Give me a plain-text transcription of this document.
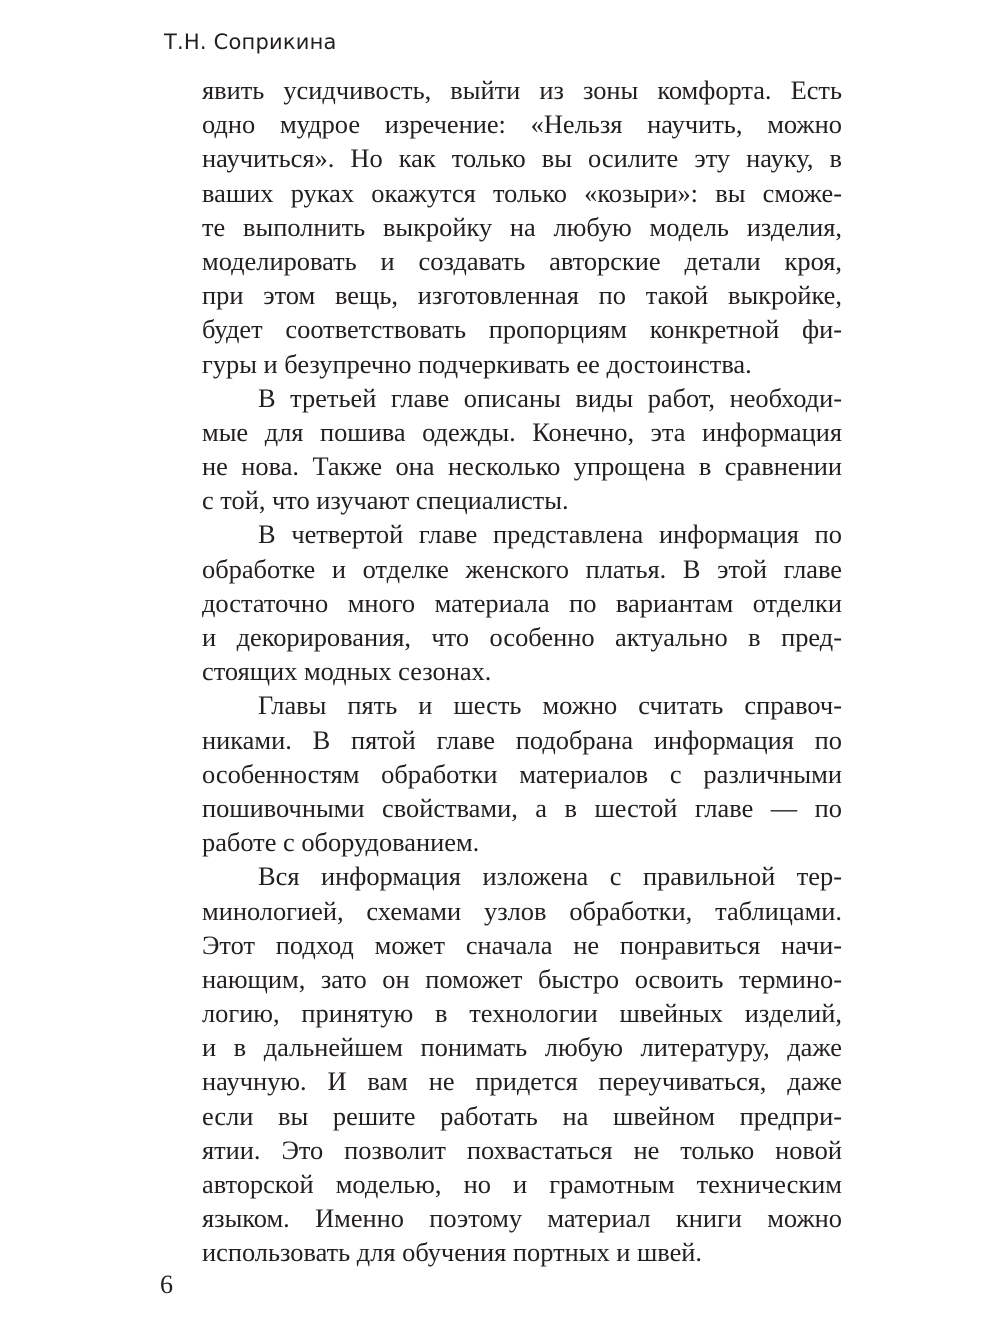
Т.Н. Соприкина
явить усидчивость, выйти из зоны комфорта. Есть
одно мудрое изречение: «Нельзя научить, можно
научиться». Но как только вы осилите эту науку, в
ваших руках окажутся только «козыри»: вы сможе-
те выполнить выкройку на любую модель изделия,
моделировать и создавать авторские детали кроя,
при этом вещь, изготовленная по такой выкройке,
будет соответствовать пропорциям конкретной фи-
гуры и безупречно подчеркивать ее достоинства.
В третьей главе описаны виды работ, необходи-
мые для пошива одежды. Конечно, эта информация
не нова. Также она несколько упрощена в сравнении
с той, что изучают специалисты.
В четвертой главе представлена информация по
обработке и отделке женского платья. В этой главе
достаточно много материала по вариантам отделки
и декорирования, что особенно актуально в пред-
стоящих модных сезонах.
Главы пять и шесть можно считать справоч-
никами. В пятой главе подобрана информация по
особенностям обработки материалов с различными
пошивочными свойствами, а в шестой главе — по
работе с оборудованием.
Вся информация изложена с правильной тер-
минологией, схемами узлов обработки, таблицами.
Этот подход может сначала не понравиться начи-
нающим, зато он поможет быстро освоить термино-
логию, принятую в технологии швейных изделий,
и в дальнейшем понимать любую литературу, даже
научную. И вам не придется переучиваться, даже
если вы решите работать на швейном предпри-
ятии. Это позволит похвастаться не только новой
авторской моделью, но и грамотным техническим
языком. Именно поэтому материал книги можно
использовать для обучения портных и швей.
6
